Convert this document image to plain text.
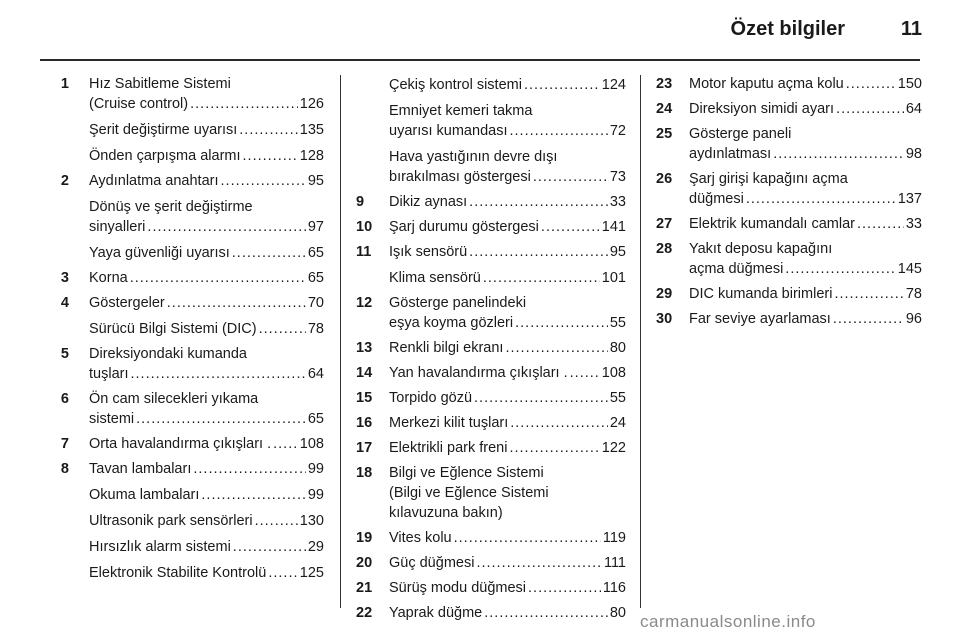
Özet bilgiler	11
1 Hız Sabitleme Sistemi
(Cruise control) .....	126
Şerit değiştirme uyarısı .....	135
Önden çarpışma alarmı .....	128
2 Aydınlatma anahtarı .....	95
Dönüş ve şerit değiştirme
sinyalleri .....	97
Yaya güvenliği uyarısı .....	65
3 Korna .....	65
4 Göstergeler .....	70
Sürücü Bilgi Sistemi (DIC) .....	78
5 Direksiyondaki kumanda
tuşları .....	64
6 Ön cam silecekleri yıkama
sistemi .....	65
7 Orta havalandırma çıkışları . ..... 108
8 Tavan lambaları .....	99
Okuma lambaları .....	99
Ultrasonik park sensörleri .....	130
Hırsızlık alarm sistemi .....	29
Elektronik Stabilite Kontrolü ..... 125
Çekiş kontrol sistemi .....	124
Emniyet kemeri takma
uyarısı kumandası .....	72
Hava yastığının devre dışı
bırakılması göstergesi .....	73
9	Dikiz aynası .....	33
10	Şarj durumu göstergesi .....	141
11	Işık sensörü .....	95
Klima sensörü .....	101
12	Gösterge panelindeki
eşya koyma gözleri .....	55
13	Renkli bilgi ekranı .....	80
14	Yan havalandırma çıkışları . ..... 108
15	Torpido gözü .....	55
16	Merkezi kilit tuşları .....	24
17	Elektrikli park freni .....	122
18	Bilgi ve Eğlence Sistemi
(Bilgi ve Eğlence Sistemi
kılavuzuna bakın)
19	Vites kolu .....	119
20	Güç düğmesi .....	111
21	Sürüş modu düğmesi .....	116
22	Yaprak düğme .....	80
23	Motor kaputu açma kolu .....	150
24	Direksiyon simidi ayarı .....	64
25	Gösterge paneli
aydınlatması .....	98
26	Şarj girişi kapağını açma
düğmesi .....	137
27	Elektrik kumandalı camlar .....	33
28	Yakıt deposu kapağını
açma düğmesi .....	145
29	DIC kumanda birimleri .....	78
30	Far seviye ayarlaması .....	96
carmanualsonline.info
